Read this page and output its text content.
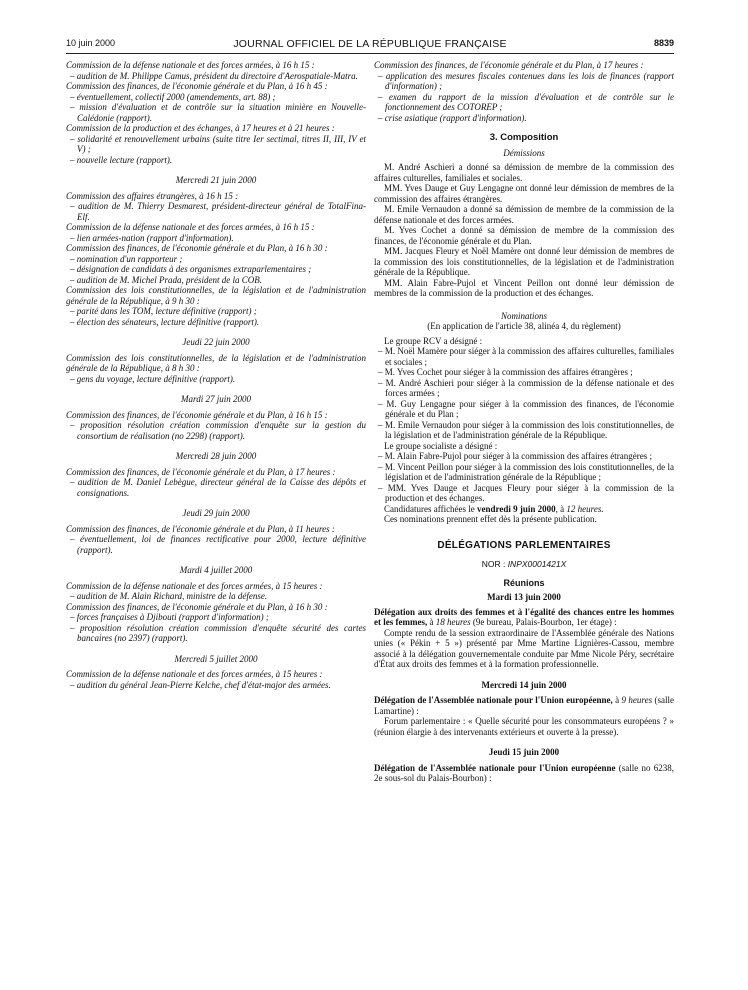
10 juin 2000	JOURNAL OFFICIEL DE LA RÉPUBLIQUE FRANÇAISE	8839

Commission de la défense nationale et des forces armées, à 16 h 15 :

– audition de M. Philippe Camus, président du directoire d'Aerospatiale-Matra.

Commission des finances, de l'économie générale et du Plan, à 16 h 45 :

– éventuellement, collectif 2000 (amendements, art. 88) ;

– mission d'évaluation et de contrôle sur la situation minière en Nouvelle-Calédonie (rapport).

Commission de la production et des échanges, à 17 heures et à 21 heures :

– solidarité et renouvellement urbains (suite titre Ier sectimal, titres II, III, IV et V) ;

– nouvelle lecture (rapport).

Mercredi 21 juin 2000

Commission des affaires étrangères, à 16 h 15 :

– audition de M. Thierry Desmarest, président-directeur général de TotalFina-Elf.

Commission de la défense nationale et des forces armées, à 16 h 15 :

– lien armées-nation (rapport d'information).

Commission des finances, de l'économie générale et du Plan, à 16 h 30 :

– nomination d'un rapporteur ;

– désignation de candidats à des organismes extraparlementaires ;

– audition de M. Michel Prada, président de la COB.

Commission des lois constitutionnelles, de la législation et de l'administration générale de la République, à 9 h 30 :

– parité dans les TOM, lecture définitive (rapport) ;

– élection des sénateurs, lecture définitive (rapport).

Jeudi 22 juin 2000

Commission des lois constitutionnelles, de la législation et de l'administration générale de la République, à 8 h 30 :

– gens du voyage, lecture définitive (rapport).

Mardi 27 juin 2000

Commission des finances, de l'économie générale et du Plan, à 16 h 15 :

– proposition résolution création commission d'enquête sur la gestion du consortium de réalisation (no 2298) (rapport).

Mercredi 28 juin 2000

Commission des finances, de l'économie générale et du Plan, à 17 heures :

– audition de M. Daniel Lebègue, directeur général de la Caisse des dépôts et consignations.

Jeudi 29 juin 2000

Commission des finances, de l'économie générale et du Plan, à 11 heures :

– éventuellement, loi de finances rectificative pour 2000, lecture définitive (rapport).

Mardi 4 juillet 2000

Commission de la défense nationale et des forces armées, à 15 heures :

– audition de M. Alain Richard, ministre de la défense.

Commission des finances, de l'économie générale et du Plan, à 16 h 30 :

– forces françaises à Djibouti (rapport d'information) ;

– proposition résolution création commission d'enquête sécurité des cartes bancaires (no 2397) (rapport).

Mercredi 5 juillet 2000

Commission de la défense nationale et des forces armées, à 15 heures :

– audition du général Jean-Pierre Kelche, chef d'état-major des armées.

Commission des finances, de l'économie générale et du Plan, à 17 heures :

– application des mesures fiscales contenues dans les lois de finances (rapport d'information) ;

– examen du rapport de la mission d'évaluation et de contrôle sur le fonctionnement des COTOREP ;

– crise asiatique (rapport d'information).

3. Composition

Démissions

M. André Aschieri a donné sa démission de membre de la commission des affaires culturelles, familiales et sociales.

MM. Yves Dauge et Guy Lengagne ont donné leur démission de membres de la commission des affaires étrangères.

M. Emile Vernaudon a donné sa démission de membre de la commission de la défense nationale et des forces armées.

M. Yves Cochet a donné sa démission de membre de la commission des finances, de l'économie générale et du Plan.

MM. Jacques Fleury et Noël Mamère ont donné leur démission de membres de la commission des lois constitutionnelles, de la législation et de l'administration générale de la République.

MM. Alain Fabre-Pujol et Vincent Peillon ont donné leur démission de membres de la commission de la production et des échanges.

Nominations

(En application de l'article 38, alinéa 4, du règlement)

Le groupe RCV a désigné :

– M. Noël Mamère pour siéger à la commission des affaires culturelles, familiales et sociales ;

– M. Yves Cochet pour siéger à la commission des affaires étrangères ;

– M. André Aschieri pour siéger à la commission de la défense nationale et des forces armées ;

– M. Guy Lengagne pour siéger à la commission des finances, de l'économie générale et du Plan ;

– M. Emile Vernaudon pour siéger à la commission des lois constitutionnelles, de la législation et de l'administration générale de la République.

Le groupe socialiste a désigné :

– M. Alain Fabre-Pujol pour siéger à la commission des affaires étrangères ;

– M. Vincent Peillon pour siéger à la commission des lois constitutionnelles, de la législation et de l'administration générale de la République ;

– MM. Yves Dauge et Jacques Fleury pour siéger à la commission de la production et des échanges.

Candidatures affichées le vendredi 9 juin 2000, à 12 heures.

Ces nominations prennent effet dès la présente publication.

DÉLÉGATIONS PARLEMENTAIRES

NOR : INPX0001421X

Réunions

Mardi 13 juin 2000

Délégation aux droits des femmes et à l'égalité des chances entre les hommes et les femmes, à 18 heures (9e bureau, Palais-Bourbon, 1er étage) :

Compte rendu de la session extraordinaire de l'Assemblée générale des Nations unies (« Pékin + 5 ») présenté par Mme Martine Lignières-Cassou, membre associé à la délégation gouvernementale conduite par Mme Nicole Péry, secrétaire d'État aux droits des femmes et à la formation professionnelle.

Mercredi 14 juin 2000

Délégation de l'Assemblée nationale pour l'Union européenne, à 9 heures (salle Lamartine) :

Forum parlementaire : « Quelle sécurité pour les consommateurs européens ? » (réunion élargie à des intervenants extérieurs et ouverte à la presse).

Jeudi 15 juin 2000

Délégation de l'Assemblée nationale pour l'Union européenne (salle no 6238, 2e sous-sol du Palais-Bourbon) :
